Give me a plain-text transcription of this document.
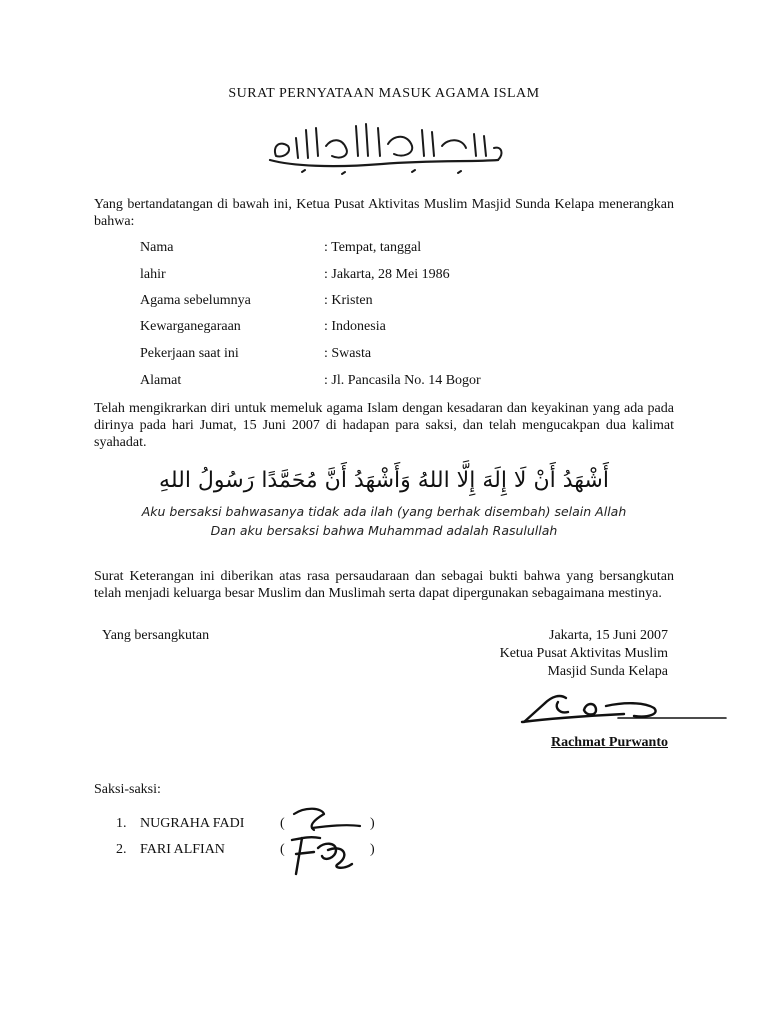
SURAT PERNYATAAN MASUK AGAMA ISLAM

Yang bertandatangan di bawah ini, Ketua Pusat Aktivitas Muslim Masjid Sunda Kelapa menerangkan bahwa:

Nama	: Tempat, tanggal
lahir	: Jakarta, 28 Mei 1986
Agama sebelumnya	: Kristen
Kewarganegaraan	: Indonesia
Pekerjaan saat ini	: Swasta
Alamat	: Jl. Pancasila No. 14 Bogor

Telah mengikrarkan diri untuk memeluk agama Islam dengan kesadaran dan keyakinan yang ada pada dirinya pada hari Jumat, 15 Juni 2007 di hadapan para saksi, dan telah mengucakpan dua kalimat syahadat.

أَشْهَدُ أَنْ لَا إِلَهَ إِلَّا اللهُ وَأَشْهَدُ أَنَّ مُحَمَّدًا رَسُولُ اللهِ
Aku bersaksi bahwasanya tidak ada ilah (yang berhak disembah) selain Allah
Dan aku bersaksi bahwa Muhammad adalah Rasulullah

Surat Keterangan ini diberikan atas rasa persaudaraan dan sebagai bukti bahwa yang bersangkutan telah menjadi keluarga besar Muslim dan Muslimah serta dapat dipergunakan sebagaimana mestinya.

Yang bersangkutan	Jakarta, 15 Juni 2007
Ketua Pusat Aktivitas Muslim
Masjid Sunda Kelapa
Rachmat Purwanto
Saksi-saksi:
1. NUGRAHA FADI	(	)
2. FARI ALFIAN	(	)
